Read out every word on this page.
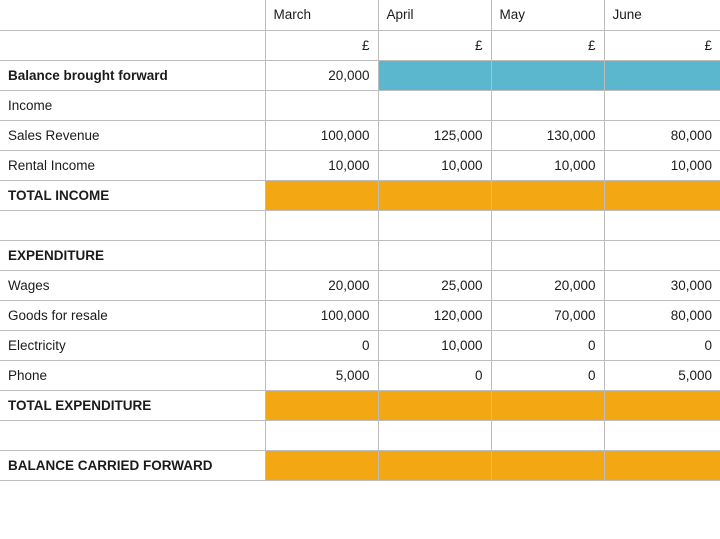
	March	April	May	June
	£	£	£	£
Balance brought forward	20,000			
Income				
Sales Revenue	100,000	125,000	130,000	80,000
Rental Income	10,000	10,000	10,000	10,000
TOTAL INCOME				

EXPENDITURE				
Wages	20,000	25,000	20,000	30,000
Goods for resale	100,000	120,000	70,000	80,000
Electricity	0	10,000	0	0
Phone	5,000	0	0	5,000
TOTAL EXPENDITURE				

BALANCE CARRIED FORWARD				
